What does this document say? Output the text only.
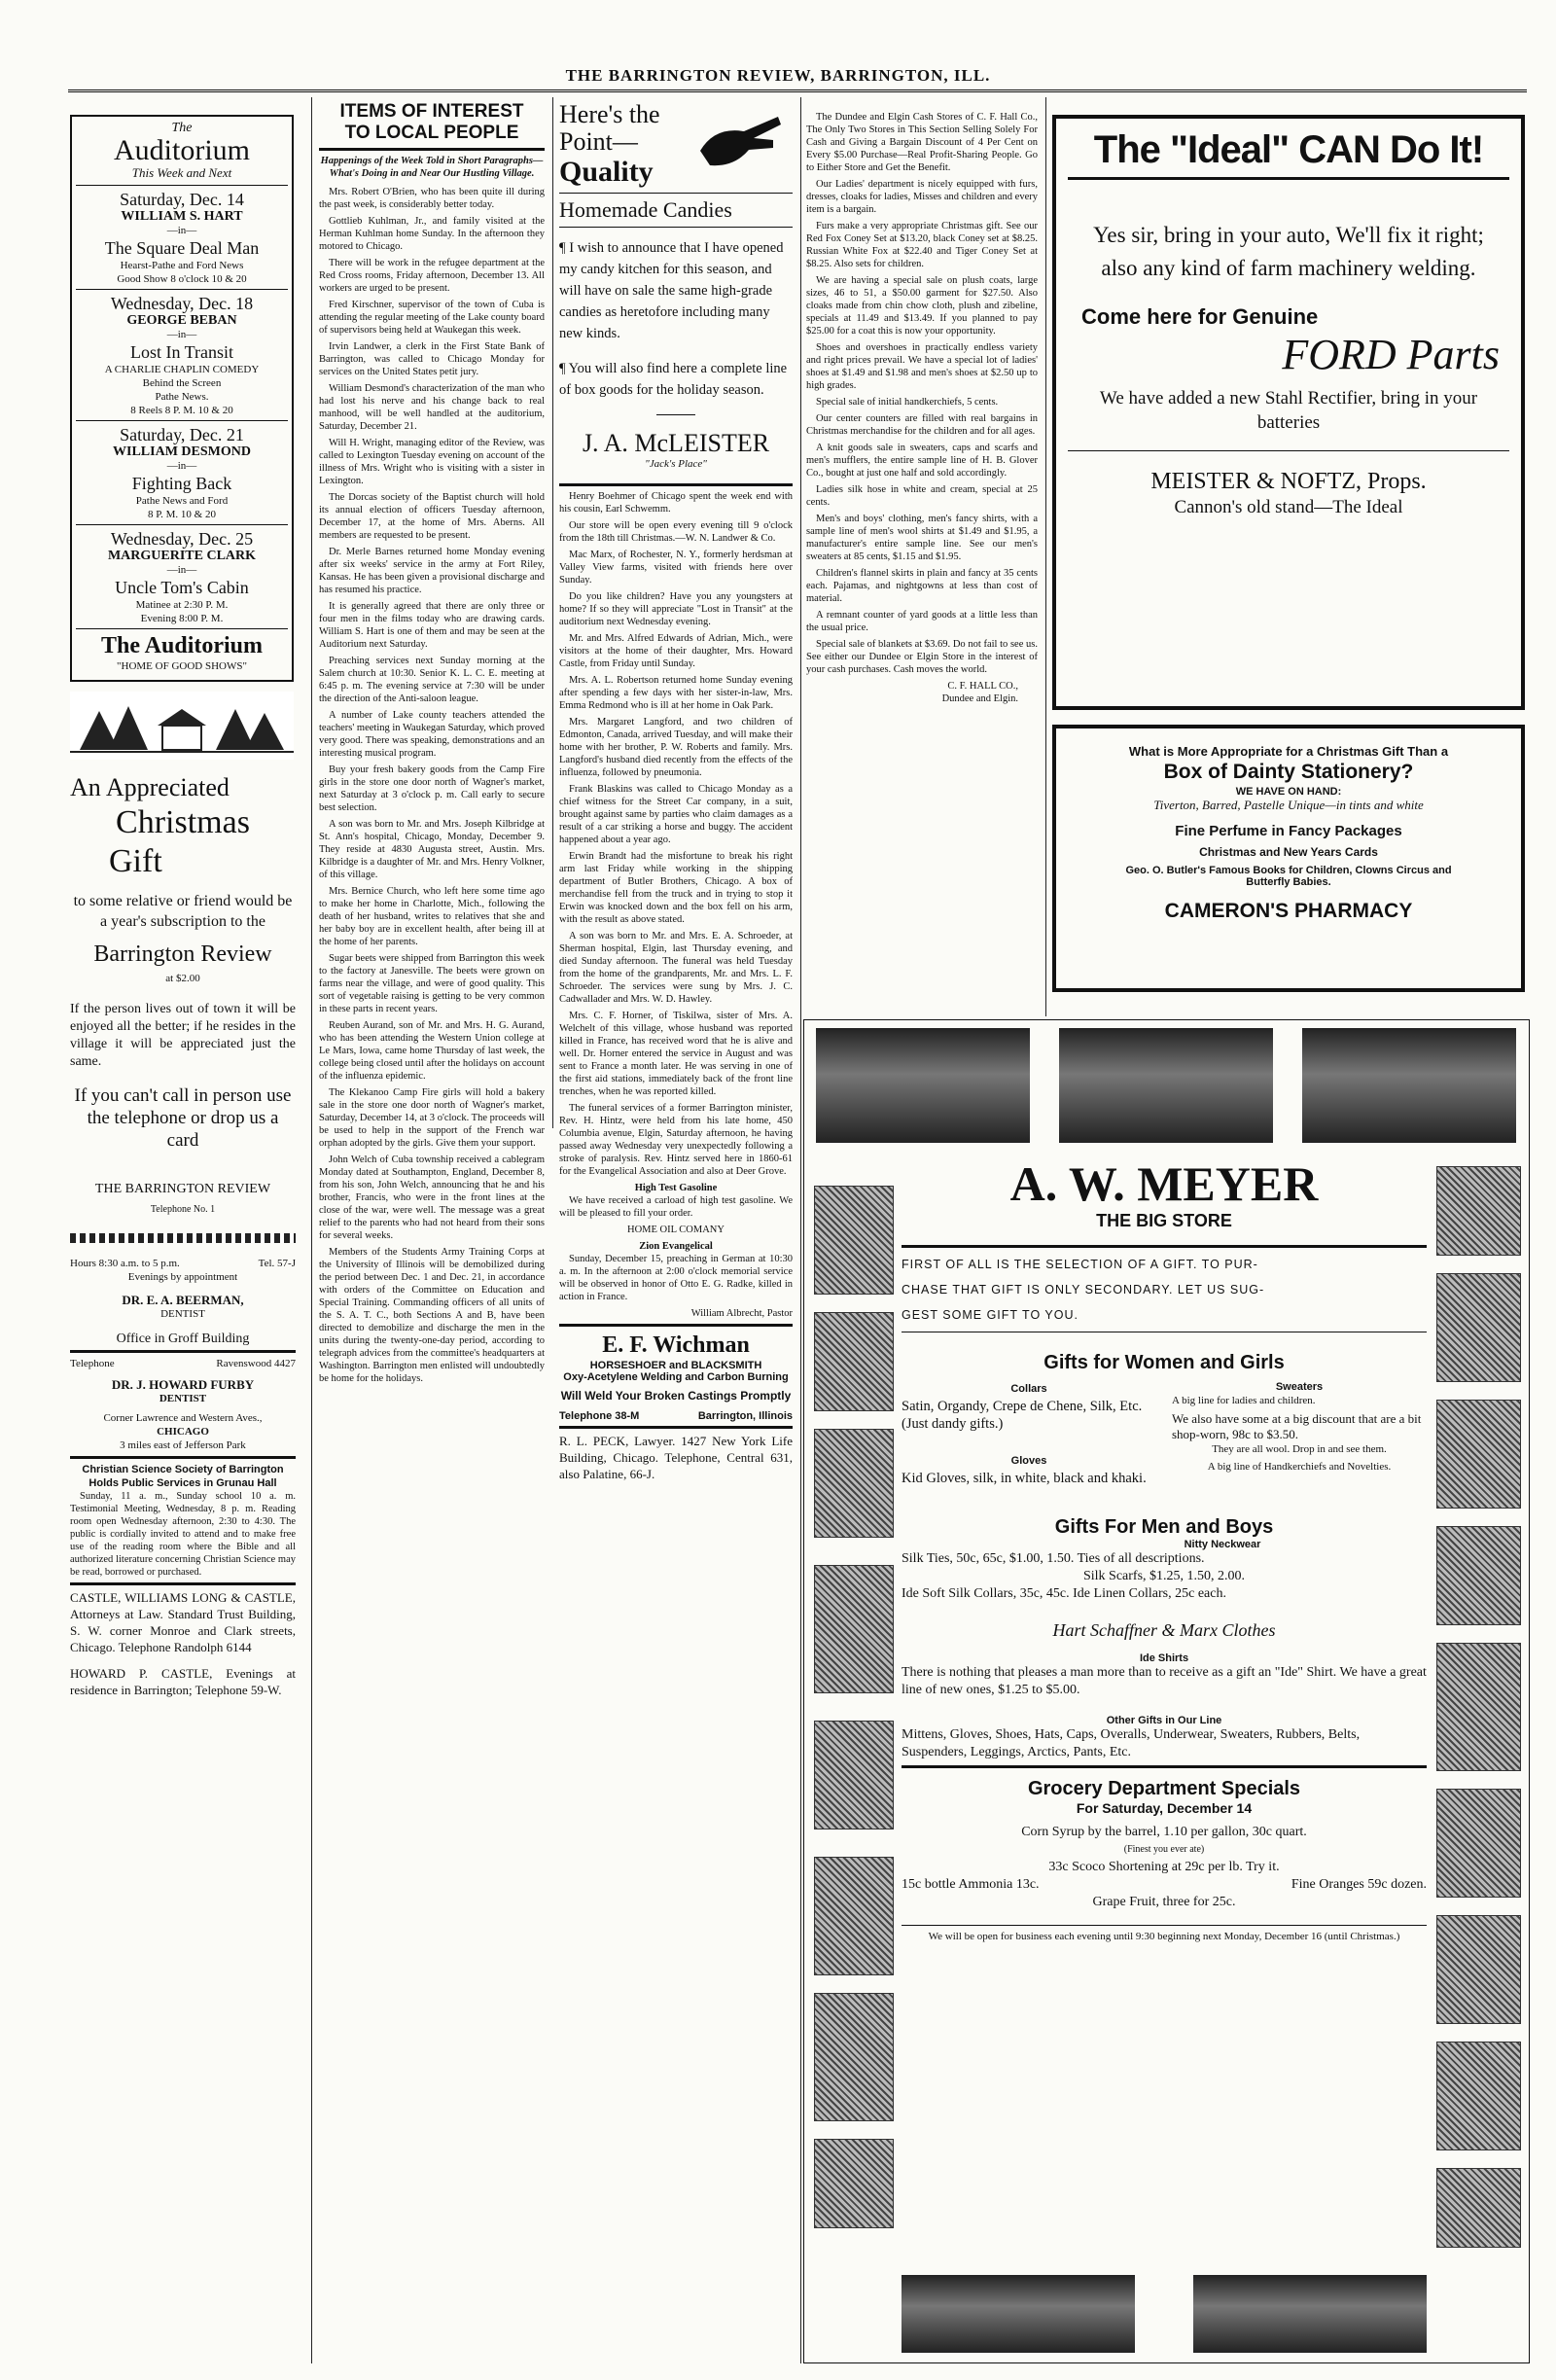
THE BARRINGTON REVIEW, BARRINGTON, ILL.
The
Auditorium
This Week and Next
Saturday, Dec. 14
WILLIAM S. HART
—in—
The Square Deal Man
Hearst-Pathe and Ford News
Good Show 8 o'clock 10 & 20
Wednesday, Dec. 18
GEORGE BEBAN
—in—
Lost In Transit
A CHARLIE CHAPLIN COMEDY
Behind the Screen
Pathe News.
8 Reels 8 P. M. 10 & 20
Saturday, Dec. 21
WILLIAM DESMOND
—in—
Fighting Back
Pathe News and Ford
8 P. M. 10 & 20
Wednesday, Dec. 25
MARGUERITE CLARK
—in—
Uncle Tom's Cabin
Matinee at 2:30 P. M.
Evening 8:00 P. M.
The Auditorium
"HOME OF GOOD SHOWS"
An Appreciated
Christmas
Gift
to some relative or friend would be a year's subscription to the
Barrington Review
at $2.00
If the person lives out of town it will be enjoyed all the better; if he resides in the village it will be appreciated just the same.
If you can't call in person use the telephone or drop us a card
THE BARRINGTON REVIEW
Telephone No. 1
Hours 8:30 a.m. to 5 p.m.	Tel. 57-J
Evenings by appointment
DR. E. A. BEERMAN,
DENTIST
Office in Groff Building
Telephone	Ravenswood 4427
DR. J. HOWARD FURBY
DENTIST
Corner Lawrence and Western Aves.,
CHICAGO
3 miles east of Jefferson Park
Christian Science Society of Barrington Holds Public Services in Grunau Hall

Sunday, 11 a. m., Sunday school 10 a. m. Testimonial Meeting, Wednesday, 8 p. m. Reading room open Wednesday afternoon, 2:30 to 4:30. The public is cordially invited to attend and to make free use of the reading room where the Bible and all authorized literature concerning Christian Science may be read, borrowed or purchased.

CASTLE, WILLIAMS LONG & CASTLE, Attorneys at Law. Standard Trust Building, S. W. corner Monroe and Clark streets, Chicago. Telephone Randolph 6144
HOWARD P. CASTLE, Evenings at residence in Barrington; Telephone 59-W.
ITEMS OF INTEREST
TO LOCAL PEOPLE
Happenings of the Week Told in Short Paragraphs—What's Doing in and Near Our Hustling Village.

Mrs. Robert O'Brien, who has been quite ill during the past week, is considerably better today.

Gottlieb Kuhlman, Jr., and family visited at the Herman Kuhlman home Sunday. In the afternoon they motored to Chicago.

There will be work in the refugee department at the Red Cross rooms, Friday afternoon, December 13. All workers are urged to be present.

Fred Kirschner, supervisor of the town of Cuba is attending the regular meeting of the Lake county board of supervisors being held at Waukegan this week.

Irvin Landwer, a clerk in the First State Bank of Barrington, was called to Chicago Monday for services on the United States petit jury.

William Desmond's characterization of the man who had lost his nerve and his change back to real manhood, will be well handled at the auditorium, Saturday, December 21.

Will H. Wright, managing editor of the Review, was called to Lexington Tuesday evening on account of the illness of Mrs. Wright who is visiting with a sister in Lexington.

The Dorcas society of the Baptist church will hold its annual election of officers Tuesday afternoon, December 17, at the home of Mrs. Aberns. All members are requested to be present.

Dr. Merle Barnes returned home Monday evening after six weeks' service in the army at Fort Riley, Kansas. He has been given a provisional discharge and has resumed his practice.

It is generally agreed that there are only three or four men in the films today who are drawing cards. William S. Hart is one of them and may be seen at the Auditorium next Saturday.

Preaching services next Sunday morning at the Salem church at 10:30. Senior K. L. C. E. meeting at 6:45 p. m. The evening service at 7:30 will be under the direction of the Anti-saloon league.

A number of Lake county teachers attended the teachers' meeting in Waukegan Saturday, which proved very good. There was speaking, demonstrations and an interesting musical program.

Buy your fresh bakery goods from the Camp Fire girls in the store one door north of Wagner's market, next Saturday at 3 o'clock p. m. Call early to secure best selection.

A son was born to Mr. and Mrs. Joseph Kilbridge at St. Ann's hospital, Chicago, Monday, December 9. They reside at 4830 Augusta street, Austin. Mrs. Kilbridge is a daughter of Mr. and Mrs. Henry Volkner, of this village.

Mrs. Bernice Church, who left here some time ago to make her home in Charlotte, Mich., following the death of her husband, writes to relatives that she and her baby boy are in excellent health, after being ill at the home of her parents.

Sugar beets were shipped from Barrington this week to the factory at Janesville. The beets were grown on farms near the village, and were of good quality. This sort of vegetable raising is getting to be very common in these parts in recent years.

Reuben Aurand, son of Mr. and Mrs. H. G. Aurand, who has been attending the Western Union college at Le Mars, Iowa, came home Thursday of last week, the college being closed until after the holidays on account of the influenza epidemic.

The Klekanoo Camp Fire girls will hold a bakery sale in the store one door north of Wagner's market, Saturday, December 14, at 3 o'clock. The proceeds will be used to help in the support of the French war orphan adopted by the girls. Give them your support.

John Welch of Cuba township received a cablegram Monday dated at Southampton, England, December 8, from his son, John Welch, announcing that he and his brother, Francis, who were in the front lines at the close of the war, were well. The message was a great relief to the parents who had not heard from their sons for several weeks.

Members of the Students Army Training Corps at the University of Illinois will be demobilized during the period between Dec. 1 and Dec. 21, in accordance with orders of the Committee on Education and Special Training. Commanding officers of all units of the S. A. T. C., both Sections A and B, have been directed to demobilize and discharge the men in the units during the twenty-one-day period, according to telegraph advices from the committee's headquarters at Washington. Barrington men enlisted will undoubtedly be home for the holidays.

Here's the
Point—
Quality
Homemade Candies
¶ I wish to announce that I have opened my candy kitchen for this season, and will have on sale the same high-grade candies as heretofore including many new kinds.
¶ You will also find here a complete line of box goods for the holiday season.
J. A. McLEISTER
"Jack's Place"

Henry Boehmer of Chicago spent the week end with his cousin, Earl Schwemm.

Our store will be open every evening till 9 o'clock from the 18th till Christmas.—W. N. Landwer & Co.

Mac Marx, of Rochester, N. Y., formerly herdsman at Valley View farms, visited with friends here over Sunday.

Do you like children? Have you any youngsters at home? If so they will appreciate "Lost in Transit" at the auditorium next Wednesday evening.

Mr. and Mrs. Alfred Edwards of Adrian, Mich., were visitors at the home of their daughter, Mrs. Howard Castle, from Friday until Sunday.

Mrs. A. L. Robertson returned home Sunday evening after spending a few days with her sister-in-law, Mrs. Emma Redmond who is ill at her home in Oak Park.

Mrs. Margaret Langford, and two children of Edmonton, Canada, arrived Tuesday, and will make their home with her brother, P. W. Roberts and family. Mrs. Langford's husband died recently from the effects of the influenza, followed by pneumonia.

Frank Blaskins was called to Chicago Monday as a chief witness for the Street Car company, in a suit, brought against same by parties who claim damages as a result of a car striking a horse and buggy. The accident happened about a year ago.

Erwin Brandt had the misfortune to break his right arm last Friday while working in the shipping department of Butler Brothers, Chicago. A box of merchandise fell from the truck and in trying to stop it Erwin was knocked down and the box fell on his arm, with the result as above stated.

A son was born to Mr. and Mrs. E. A. Schroeder, at Sherman hospital, Elgin, last Thursday evening, and died Sunday afternoon. The funeral was held Tuesday from the home of the grandparents, Mr. and Mrs. L. F. Schroeder. The services were sung by Mrs. J. C. Cadwallader and Mrs. W. D. Hawley.

Mrs. C. F. Horner, of Tiskilwa, sister of Mrs. A. Welchelt of this village, whose husband was reported killed in France, has received word that he is alive and well. Dr. Horner entered the service in August and was sent to France a month later. He was serving in one of the first aid stations, immediately back of the front line trenches, when he was reported killed.

The funeral services of a former Barrington minister, Rev. H. Hintz, were held from his late home, 450 Columbia avenue, Elgin, Saturday afternoon, he having passed away Wednesday very unexpectedly following a stroke of paralysis. Rev. Hintz served here in 1860-61 for the Evangelical Association and also at Deer Grove.

High Test Gasoline

We have received a carload of high test gasoline. We will be pleased to fill your order.

HOME OIL COMANY
Zion Evangelical

Sunday, December 15, preaching in German at 10:30 a. m. In the afternoon at 2:00 o'clock memorial service will be observed in honor of Otto E. G. Radke, killed in action in France.

William Albrecht, Pastor
E. F. Wichman
HORSESHOER and BLACKSMITH
Oxy-Acetylene Welding and Carbon Burning
Will Weld Your Broken Castings Promptly
Telephone 38-M	Barrington, Illinois
R. L. PECK, Lawyer. 1427 New York Life Building, Chicago. Telephone, Central 631, also Palatine, 66-J.

The Dundee and Elgin Cash Stores of C. F. Hall Co., The Only Two Stores in This Section Selling Solely For Cash and Giving a Bargain Discount of 4 Per Cent on Every $5.00 Purchase—Real Profit-Sharing People. Go to Either Store and Get the Benefit.

Our Ladies' department is nicely equipped with furs, dresses, cloaks for ladies, Misses and children and every item is a bargain.

Furs make a very appropriate Christmas gift. See our Red Fox Coney Set at $13.20, black Coney set at $8.25. Russian White Fox at $22.40 and Tiger Coney Set at $8.25. Also sets for children.

We are having a special sale on plush coats, large sizes, 46 to 51, a $50.00 garment for $27.50. Also cloaks made from chin chow cloth, plush and zibeline, specials at 11.49 and $13.49. If you planned to pay $25.00 for a coat this is now your opportunity.

Shoes and overshoes in practically endless variety and right prices prevail. We have a special lot of ladies' shoes at $1.49 and $1.98 and men's shoes at $2.50 up to high grades.

Special sale of initial handkerchiefs, 5 cents.

Our center counters are filled with real bargains in Christmas merchandise for the children and for all ages.

A knit goods sale in sweaters, caps and scarfs and men's mufflers, the entire sample line of H. B. Glover Co., bought at just one half and sold accordingly.

Ladies silk hose in white and cream, special at 25 cents.

Men's and boys' clothing, men's fancy shirts, with a sample line of men's wool shirts at $1.49 and $1.95, a manufacturer's entire sample line. See our men's sweaters at 85 cents, $1.15 and $1.95.

Children's flannel skirts in plain and fancy at 35 cents each. Pajamas, and nightgowns at less than cost of material.

A remnant counter of yard goods at a little less than the usual price.

Special sale of blankets at $3.69. Do not fail to see us. See either our Dundee or Elgin Store in the interest of your cash purchases. Cash moves the world.

C. F. HALL CO.,
Dundee and Elgin.
The "Ideal" CAN Do It!
Yes sir, bring in your auto, We'll fix it right; also any kind of farm machinery welding.
Come here for Genuine
FORD Parts
We have added a new Stahl Rectifier, bring in your batteries
MEISTER & NOFTZ, Props.
Cannon's old stand—The Ideal
What is More Appropriate for a Christmas Gift Than a
Box of Dainty Stationery?
WE HAVE ON HAND:
Tiverton, Barred, Pastelle Unique—in tints and white
Fine Perfume in Fancy Packages
Christmas and New Years Cards
Geo. O. Butler's Famous Books for Children, Clowns Circus and Butterfly Babies.
CAMERON'S PHARMACY
A. W. MEYER
THE BIG STORE
FIRST OF ALL IS THE SELECTION OF A GIFT. TO PUR-
CHASE THAT GIFT IS ONLY SECONDARY. LET US SUG-
GEST SOME GIFT TO YOU.
Gifts for Women and Girls
Collars
Satin, Organdy, Crepe de Chene, Silk, Etc. (Just dandy gifts.)
Gloves
Kid Gloves, silk, in white, black and khaki.
Sweaters
A big line for ladies and children.
We also have some at a big discount that are a bit shop-worn, 98c to $3.50.
They are all wool. Drop in and see them.
A big line of Handkerchiefs and Novelties.
Gifts For Men and Boys
Nitty Neckwear
Silk Ties, 50c, 65c, $1.00, 1.50. Ties of all descriptions.
Silk Scarfs, $1.25, 1.50, 2.00.
Ide Soft Silk Collars, 35c, 45c. Ide Linen Collars, 25c each.
Hart Schaffner & Marx Clothes
Ide Shirts
There is nothing that pleases a man more than to receive as a gift an "Ide" Shirt. We have a great line of new ones, $1.25 to $5.00.
Other Gifts in Our Line
Mittens, Gloves, Shoes, Hats, Caps, Overalls, Underwear, Sweaters, Rubbers, Belts, Suspenders, Leggings, Arctics, Pants, Etc.
Grocery Department Specials
For Saturday, December 14
Corn Syrup by the barrel, 1.10 per gallon, 30c quart.
(Finest you ever ate)
33c Scoco Shortening at 29c per lb. Try it.
15c bottle Ammonia 13c.	Fine Oranges 59c dozen.
Grape Fruit, three for 25c.
We will be open for business each evening until 9:30 beginning next Monday, December 16 (until Christmas.)
